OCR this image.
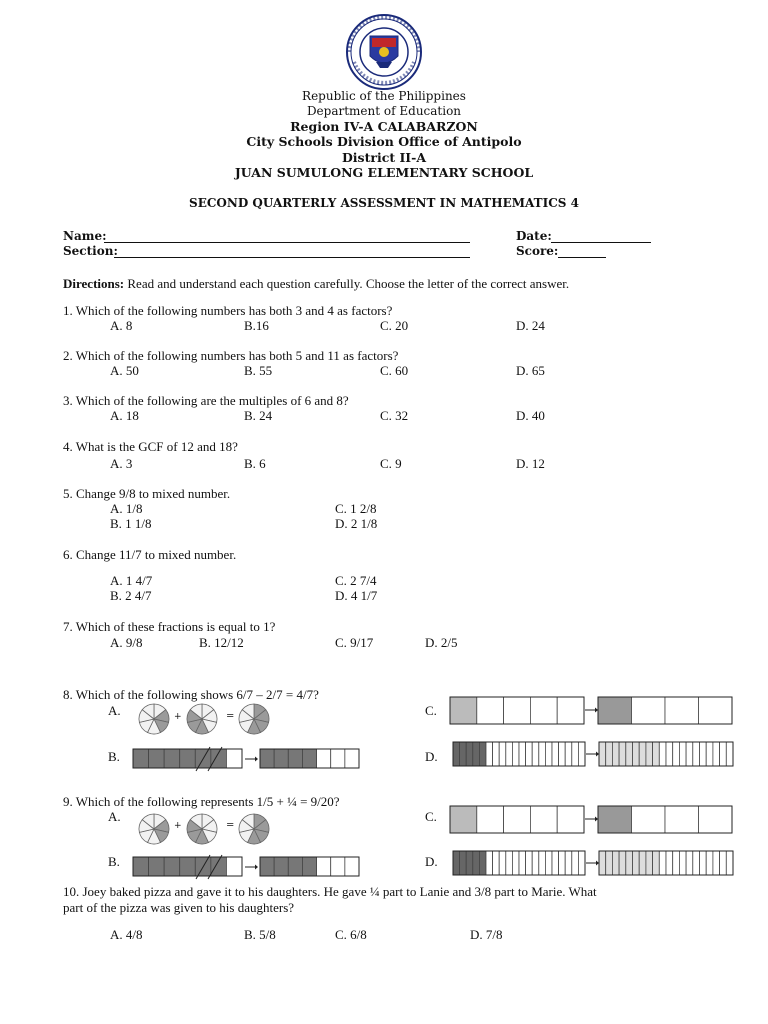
Republic of the Philippines
Department of Education
Region IV-A CALABARZON
City Schools Division Office of Antipolo
District II-A
JUAN SUMULONG ELEMENTARY SCHOOL
SECOND QUARTERLY ASSESSMENT IN MATHEMATICS 4
Name:
Section:
Date:
Score:
Directions: Read and understand each question carefully. Choose the letter of the correct answer.
1. Which of the following numbers has both 3 and 4 as factors?
A. 8	B.16	C. 20	D. 24
2. Which of the following numbers has both 5 and 11 as factors?
A. 50	B. 55	C. 60	D. 65
3. Which of the following are the multiples of 6 and 8?
A. 18	B. 24	C. 32	D. 40
4. What is the GCF of 12 and 18?
A. 3	B. 6	C. 9	D. 12
5. Change 9/8 to mixed number.
A. 1/8	C. 1 2/8
B. 1 1/8	D. 2 1/8
6. Change 11/7 to mixed number.
A. 1 4/7	C. 2 7/4
B. 2 4/7	D. 4 1/7
7. Which of these fractions is equal to 1?
A. 9/8	B. 12/12	C. 9/17	D. 2/5
8. Which of the following shows 6/7 – 2/7 = 4/7?
A.	C.
B.	D.
9. Which of the following represents 1/5 + ¼ = 9/20?
A.	C.
B.	D.
10. Joey baked pizza and gave it to his daughters. He gave ¼ part to Lanie and 3/8 part to Marie. What
part of the pizza was given to his daughters?
A. 4/8	B. 5/8	C. 6/8	D. 7/8
+	=
+	=
